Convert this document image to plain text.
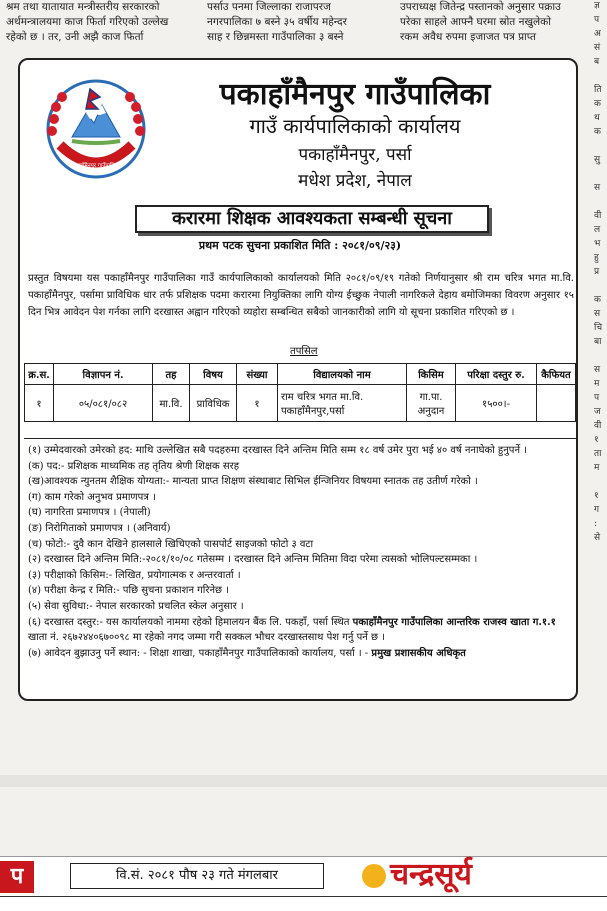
श्रम तथा यातायात मन्त्रीस्तरीय सरकारको

अर्थमन्त्रालयमा काज फिर्ता गरिएको उल्लेख

रहेको छ । तर, उनी अझै काज फिर्ता

पर्साउ पनमा जिल्लाका राजापरज

नगरपालिका ७ बस्ने ३५ वर्षीय महेन्दर

साह र छिन्नमस्ता गाउँपालिका ३ बस्ने

उपराध्यक्ष जितेन्द्र पस्तानको अनुसार पक्राउ

परेका साहले आफ्नै घरमा स्रोत नखुलेको

रकम अवैध रुपमा इजाजत पत्र प्राप्त

ज्ञ
प
अ
सं
ब
ति
क
थ
क
सु
स
वी
ल
भ
हु
प्र
क
स
चि
बा
स
म
प
ज
वी
१
ता
म
१
ग
:
से
पकाहाँमैनपुर गाउँपालिका
पकाहाँमैनपुर गाउँपालिका
गाउँ कार्यपालिकाको कार्यालय
पकाहाँमैनपुर, पर्सा
मधेश प्रदेश, नेपाल
करारमा शिक्षक आवश्यकता सम्बन्धी सूचना
प्रथम पटक सुचना प्रकाशित मिति : २०८१/०९/२३)
प्रस्तुत विषयमा यस पकाहाँमैनपुर गाउँपालिका गाउँ कार्यपालिकाको कार्यालयको मिति २०८१/०९/१९ गतेको निर्णयानुसार श्री राम चरित्र भगत मा.वि. पकाहाँमैनपुर, पर्सामा प्राविधिक धार तर्फ प्रशिक्षक पदमा करारमा नियुक्तिका लागि योग्य ईच्छुक नेपाली नागरिकले देहाय बमोजिमका विवरण अनुसार १५ दिन भित्र आवेदन पेश गर्नका लागि दरखास्त अह्वान गरिएको व्यहोरा सम्बन्धित सबैको जानकारीको लागि यो सूचना प्रकाशित गरिएको छ ।
तपसिल
क्र.स.	विज्ञापन नं.	तह	विषय	संख्या	विद्यालयको नाम	किसिम	परिक्षा दस्तुर रु.	कैफियत
१	०५/०८१/०८२	मा.वि.	प्राविधिक	१	राम चरित्र भगत मा.वि. पकाहाँमैनपुर,पर्सा	गा.पा. अनुदान	१५००।-	
(१) उम्मेदवारको उमेरको हद: माथि उल्लेखित सबै पदहरुमा दरखास्त दिने अन्तिम मिति सम्म १८ वर्ष उमेर पुरा भई ४० वर्ष ननाघेको हुनुपर्ने ।
(क) पद:- प्रशिक्षक माध्यमिक तह तृतिय श्रेणी शिक्षक सरह
(ख)आवश्यक न्युनतम शैक्षिक योग्यता:- मान्यता प्राप्त शिक्षण संस्थाबाट सिभिल ईन्जिनियर विषयमा स्नातक तह उतीर्ण गरेको ।
(ग) काम गरेको अनुभव प्रमाणपत्र ।
(घ) नागरिता प्रमाणपत्र । (नेपाली)
(ङ) निरोगिताको प्रमाणपत्र । (अनिवार्य)
(च) फोटो:- दुवै कान देखिने हालसाले खिचिएको पासपोर्ट साइजको फोटो ३ वटा
(२) दरखास्त दिने अन्तिम मिति:-२०८१/१०/०८ गतेसम्म । दरखास्त दिने अन्तिम मितिमा विदा परेमा त्यसको भोलिपल्टसम्मका ।
(३) परीक्षाको किसिम:- लिखित, प्रयोगात्मक र अन्तरवार्ता ।
(४) परीक्षा केन्द्र र मिति:- पछि सुचना प्रकाशन गरिनेछ ।
(५) सेवा सुविधा:- नेपाल सरकारको प्रचलित स्केल अनुसार ।
(६) दरखास्त दस्तुर:- यस कार्यालयको नाममा रहेको हिमालयन बैंक लि. पकहाँ, पर्सा स्थित पकाहाँमैनपुर गाउँपालिका आन्तरिक राजस्व खाता ग.१.१ खाता नं. २६७२४४०६७००९८ मा रहेको नगद जम्मा गरी सक्कल भौचर दरखास्तसाथ पेश गर्नु पर्ने छ ।
(७) आवेदन बुझाउनु पर्ने स्थान: - शिक्षा शाखा, पकाहाँमैनपुर गाउँपालिकाको कार्यालय, पर्सा । - प्रमुख प्रशासकीय अधिकृत
प	वि.सं. २०८१ पौष २३ गते मंगलबार	चन्द्रसूर्य
